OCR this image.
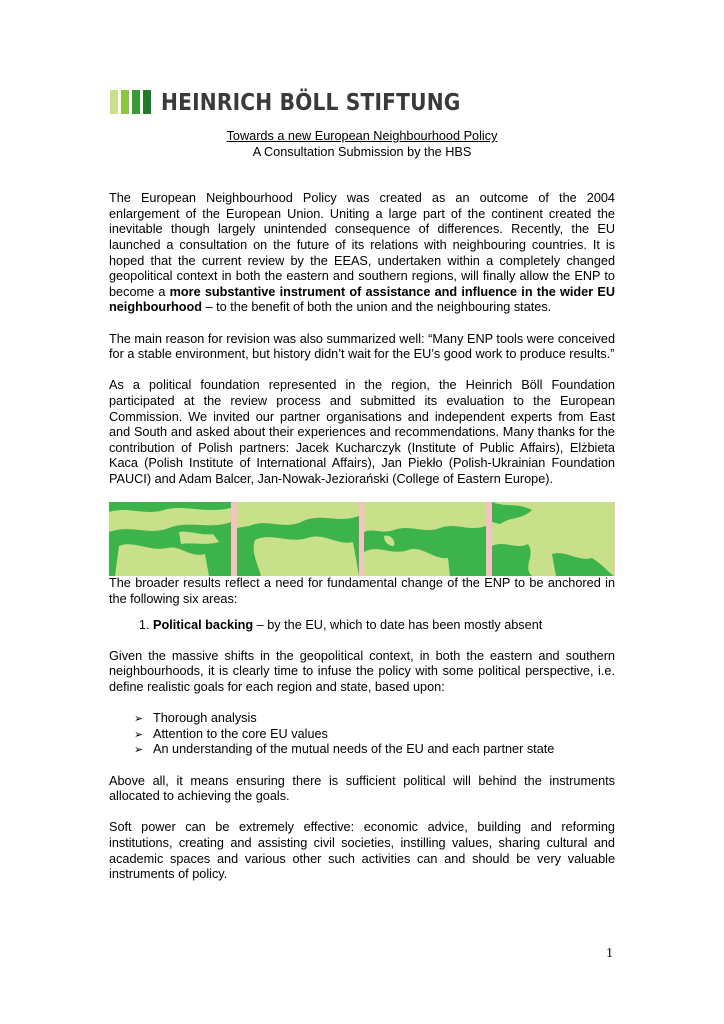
HEINRICH BÖLL STIFTUNG
Towards a new European Neighbourhood Policy
A Consultation Submission by the HBS

The European Neighbourhood Policy was created as an outcome of the 2004 enlargement of the European Union. Uniting a large part of the continent created the inevitable though largely unintended consequence of differences. Recently, the EU launched a consultation on the future of its relations with neighbouring countries. It is hoped that the current review by the EEAS, undertaken within a completely changed geopolitical context in both the eastern and southern regions, will finally allow the ENP to become a more substantive instrument of assistance and influence in the wider EU neighbourhood – to the benefit of both the union and the neighbouring states.

The main reason for revision was also summarized well: “Many ENP tools were conceived for a stable environment, but history didn’t wait for the EU’s good work to produce results.”

As a political foundation represented in the region, the Heinrich Böll Foundation participated at the review process and submitted its evaluation to the European Commission. We invited our partner organisations and independent experts from East and South and asked about their experiences and recommendations. Many thanks for the contribution of Polish partners: Jacek Kucharczyk (Institute of Public Affairs), Elżbieta Kaca (Polish Institute of International Affairs), Jan Piekło (Polish-Ukrainian Foundation PAUCI) and Adam Balcer, Jan-Nowak-Jeziorański (College of Eastern Europe).

The broader results reflect a need for fundamental change of the ENP to be anchored in the following six areas:

1. Political backing – by the EU, which to date has been mostly absent

Given the massive shifts in the geopolitical context, in both the eastern and southern neighbourhoods, it is clearly time to infuse the policy with some political perspective, i.e. define realistic goals for each region and state, based upon:

➢ Thorough analysis
➢ Attention to the core EU values
➢ An understanding of the mutual needs of the EU and each partner state

Above all, it means ensuring there is sufficient political will behind the instruments allocated to achieving the goals.

Soft power can be extremely effective: economic advice, building and reforming institutions, creating and assisting civil societies, instilling values, sharing cultural and academic spaces and various other such activities can and should be very valuable instruments of policy.

1
